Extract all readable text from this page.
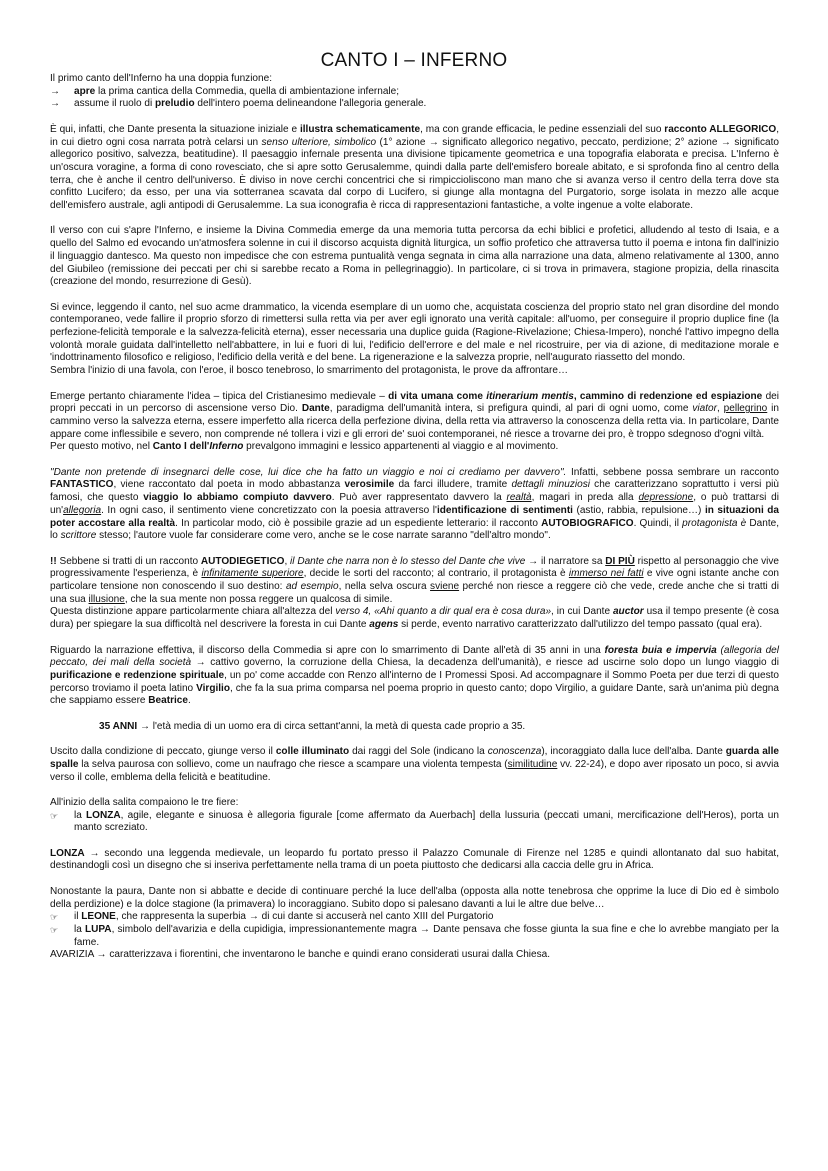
CANTO I – INFERNO

Il primo canto dell'Inferno ha una doppia funzione:

→	apre la prima cantica della Commedia, quella di ambientazione infernale;
→	assume il ruolo di preludio dell'intero poema delineandone l'allegoria generale.

È qui, infatti, che Dante presenta la situazione iniziale e illustra schematicamente, ma con grande efficacia, le pedine essenziali del suo racconto ALLEGORICO, in cui dietro ogni cosa narrata potrà celarsi un senso ulteriore, simbolico (1° azione → significato allegorico negativo, peccato, perdizione; 2° azione → significato allegorico positivo, salvezza, beatitudine). Il paesaggio infernale presenta una divisione tipicamente geometrica e una topografia elaborata e precisa. L'Inferno è un'oscura voragine, a forma di cono rovesciato, che si apre sotto Gerusalemme, quindi dalla parte dell'emisfero boreale abitato, e si sprofonda fino al centro della terra, che è anche il centro dell'universo. È diviso in nove cerchi concentrici che si rimpiccioliscono man mano che si avanza verso il centro della terra dove sta confitto Lucifero; da esso, per una via sotterranea scavata dal corpo di Lucifero, si giunge alla montagna del Purgatorio, sorge isolata in mezzo alle acque dell'emisfero australe, agli antipodi di Gerusalemme. La sua iconografia è ricca di rappresentazioni fantastiche, a volte ingenue a volte elaborate.

Il verso con cui s'apre l'Inferno, e insieme la Divina Commedia emerge da una memoria tutta percorsa da echi biblici e profetici, alludendo al testo di Isaia, e a quello del Salmo ed evocando un'atmosfera solenne in cui il discorso acquista dignità liturgica, un soffio profetico che attraversa tutto il poema e intona fin dall'inizio il linguaggio dantesco. Ma questo non impedisce che con estrema puntualità venga segnata in cima alla narrazione una data, almeno relativamente al 1300, anno del Giubileo (remissione dei peccati per chi si sarebbe recato a Roma in pellegrinaggio). In particolare, ci si trova in primavera, stagione propizia, della rinascita (creazione del mondo, resurrezione di Gesù).

Si evince, leggendo il canto, nel suo acme drammatico, la vicenda esemplare di un uomo che, acquistata coscienza del proprio stato nel gran disordine del mondo contemporaneo, vede fallire il proprio sforzo di rimettersi sulla retta via per aver egli ignorato una verità capitale: all'uomo, per conseguire il proprio duplice fine (la perfezione-felicità temporale e la salvezza-felicità eterna), esser necessaria una duplice guida (Ragione-Rivelazione; Chiesa-Impero), nonché l'attivo impegno della volontà morale guidata dall'intelletto nell'abbattere, in lui e fuori di lui, l'edificio dell'errore e del male e nel ricostruire, per via di azione, di meditazione morale e 'indottrinamento filosofico e religioso, l'edificio della verità e del bene. La rigenerazione e la salvezza proprie, nell'augurato riassetto del mondo.

Sembra l'inizio di una favola, con l'eroe, il bosco tenebroso, lo smarrimento del protagonista, le prove da affrontare…

Emerge pertanto chiaramente l'idea – tipica del Cristianesimo medievale – di vita umana come itinerarium mentis, cammino di redenzione ed espiazione dei propri peccati in un percorso di ascensione verso Dio. Dante, paradigma dell'umanità intera, si prefigura quindi, al pari di ogni uomo, come viator, pellegrino in cammino verso la salvezza eterna, essere imperfetto alla ricerca della perfezione divina, della retta via attraverso la conoscenza della retta via. In particolare, Dante appare come inflessibile e severo, non comprende né tollera i vizi e gli errori de' suoi contemporanei, né riesce a trovarne dei pro, è troppo sdegnoso d'ogni viltà.

Per questo motivo, nel Canto I dell'Inferno prevalgono immagini e lessico appartenenti al viaggio e al movimento.

"Dante non pretende di insegnarci delle cose, lui dice che ha fatto un viaggio e noi ci crediamo per davvero". Infatti, sebbene possa sembrare un racconto FANTASTICO, viene raccontato dal poeta in modo abbastanza verosimile da farci illudere, tramite dettagli minuziosi che caratterizzano soprattutto i versi più famosi, che questo viaggio lo abbiamo compiuto davvero. Può aver rappresentato davvero la realtà, magari in preda alla depressione, o può trattarsi di un'allegoria. In ogni caso, il sentimento viene concretizzato con la poesia attraverso l'identificazione di sentimenti (astio, rabbia, repulsione…) in situazioni da poter accostare alla realtà. In particolar modo, ciò è possibile grazie ad un espediente letterario: il racconto AUTOBIOGRAFICO. Quindi, il protagonista è Dante, lo scrittore stesso; l'autore vuole far considerare come vero, anche se le cose narrate saranno "dell'altro mondo".

!! Sebbene si tratti di un racconto AUTODIEGETICO, il Dante che narra non è lo stesso del Dante che vive → il narratore sa DI PIÙ rispetto al personaggio che vive progressivamente l'esperienza, è infinitamente superiore, decide le sorti del racconto; al contrario, il protagonista è immerso nei fatti e vive ogni istante anche con particolare tensione non conoscendo il suo destino: ad esempio, nella selva oscura sviene perché non riesce a reggere ciò che vede, crede anche che si tratti di una sua illusione, che la sua mente non possa reggere un qualcosa di simile.

Questa distinzione appare particolarmente chiara all'altezza del verso 4, «Ahi quanto a dir qual era è cosa dura», in cui Dante auctor usa il tempo presente (è cosa dura) per spiegare la sua difficoltà nel descrivere la foresta in cui Dante agens si perde, evento narrativo caratterizzato dall'utilizzo del tempo passato (qual era).

Riguardo la narrazione effettiva, il discorso della Commedia si apre con lo smarrimento di Dante all'età di 35 anni in una foresta buia e impervia (allegoria del peccato, dei mali della società → cattivo governo, la corruzione della Chiesa, la decadenza dell'umanità), e riesce ad uscirne solo dopo un lungo viaggio di purificazione e redenzione spirituale, un po' come accadde con Renzo all'interno de I Promessi Sposi. Ad accompagnare il Sommo Poeta per due terzi di questo percorso troviamo il poeta latino Virgilio, che fa la sua prima comparsa nel poema proprio in questo canto; dopo Virgilio, a guidare Dante, sarà un'anima più degna che sappiamo essere Beatrice.

35 ANNI → l'età media di un uomo era di circa settant'anni, la metà di questa cade proprio a 35.

Uscito dalla condizione di peccato, giunge verso il colle illuminato dai raggi del Sole (indicano la conoscenza), incoraggiato dalla luce dell'alba. Dante guarda alle spalle la selva paurosa con sollievo, come un naufrago che riesce a scampare una violenta tempesta (similitudine vv. 22-24), e dopo aver riposato un poco, si avvia verso il colle, emblema della felicità e beatitudine.

All'inizio della salita compaiono le tre fiere:

☞	la LONZA, agile, elegante e sinuosa è allegoria figurale [come affermato da Auerbach] della lussuria (peccati umani, mercificazione dell'Heros), porta un manto screziato.

LONZA → secondo una leggenda medievale, un leopardo fu portato presso il Palazzo Comunale di Firenze nel 1285 e quindi allontanato dal suo habitat, destinandogli così un disegno che si inseriva perfettamente nella trama di un poeta piuttosto che dedicarsi alla caccia delle gru in Africa.

Nonostante la paura, Dante non si abbatte e decide di continuare perché la luce dell'alba (opposta alla notte tenebrosa che opprime la luce di Dio ed è simbolo della perdizione) e la dolce stagione (la primavera) lo incoraggiano. Subito dopo si palesano davanti a lui le altre due belve…

☞	il LEONE, che rappresenta la superbia → di cui dante si accuserà nel canto XIII del Purgatorio
☞	la LUPA, simbolo dell'avarizia e della cupidigia, impressionantemente magra → Dante pensava che fosse giunta la sua fine e che lo avrebbe mangiato per la fame.

AVARIZIA → caratterizzava i fiorentini, che inventarono le banche e quindi erano considerati usurai dalla Chiesa.
